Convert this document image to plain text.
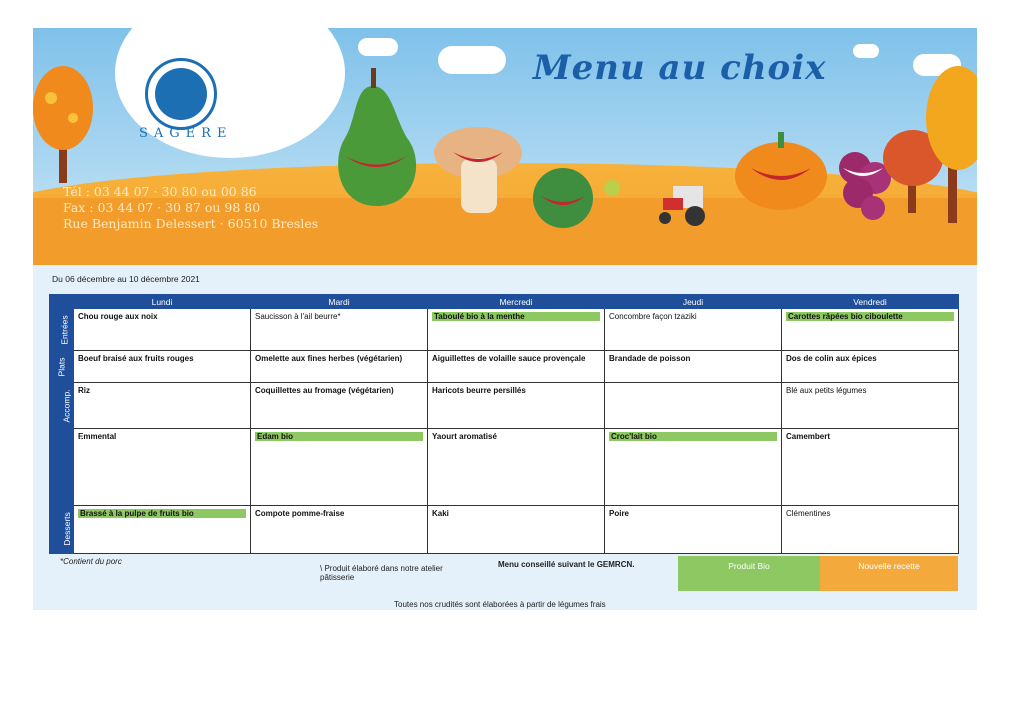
SAGERE
Menu au choix
Tél : 03 44 07 · 30 80 ou 00 86
Fax : 03 44 07 · 30 87 ou 98 80
Rue Benjamin Delessert · 60510 Bresles
Du 06 décembre au 10 décembre 2021
	Lundi	Mardi	Mercredi	Jeudi	Vendredi
Entrées	Chou rouge aux noix	Saucisson à l'ail beurre*	Taboulé bio à la menthe	Concombre façon tzaziki	Carottes râpées bio ciboulette

Plats	Boeuf braisé aux fruits rouges	Omelette aux fines herbes (végétarien)	Aiguillettes de volaille sauce provençale	Brandade de poisson	Dos de colin aux épices
Accomp.	Riz	Coquillettes au fromage (végétarien)	Haricots beurre persillés		Blé aux petits légumes
Produits laitiers	Emmental	Edam bio	Yaourt aromatisé	Croc'lait bio	Camembert
Desserts	Brassé à la pulpe de fruits bio	Compote pomme-fraise	Kaki	Poire	Clémentines
*Contient du porc
\ Produit élaboré dans notre atelier pâtisserie
Menu conseillé suivant le GEMRCN.	Produit Bio	Nouvelle recette
Toutes nos crudités sont élaborées à partir de légumes frais
